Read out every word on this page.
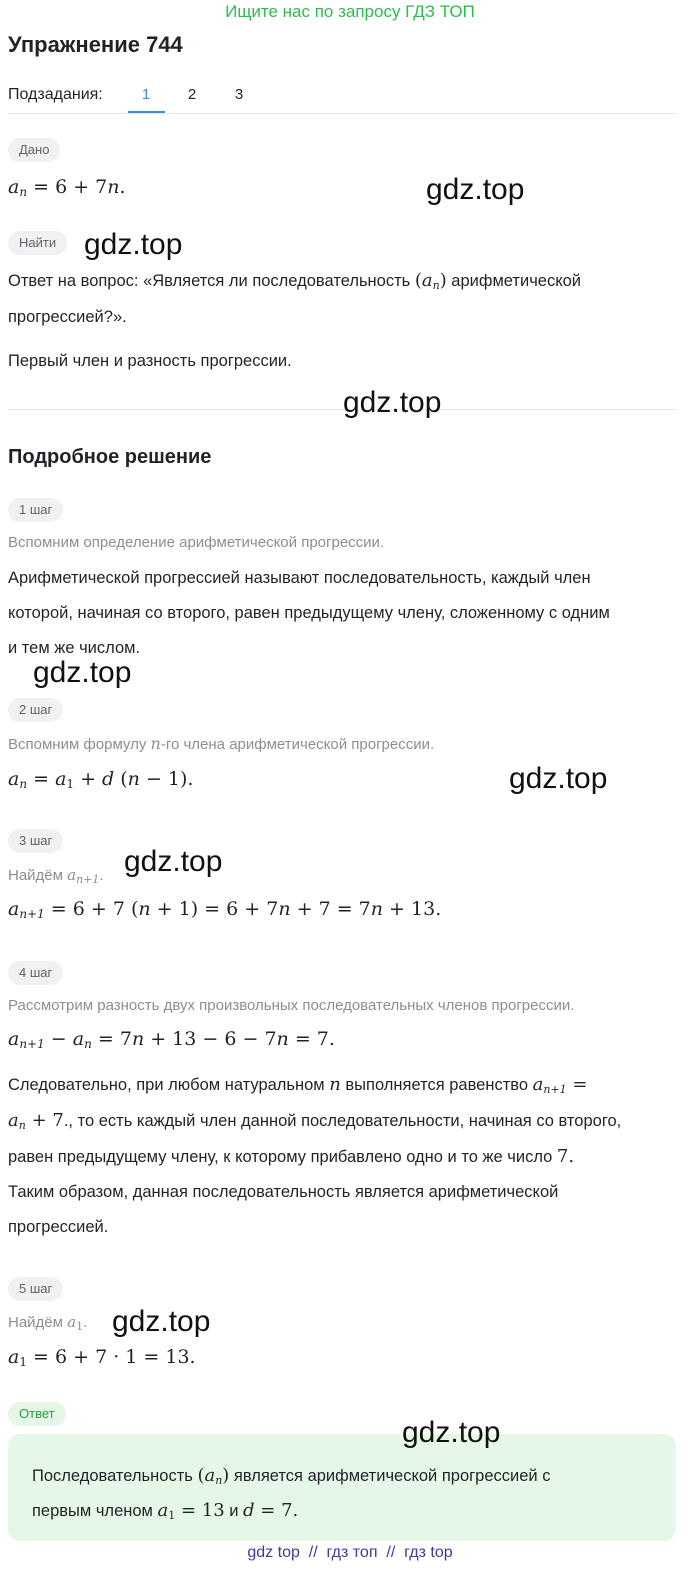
Ищите нас по запросу ГДЗ ТОП
Упражнение 744
Подзадания:	1	2	3
Дано
$a_n = 6 + 7n$.
Найти
Ответ на вопрос: «Является ли последовательность $(a_n)$ арифметической
прогрессией?».
Первый член и разность прогрессии.
Подробное решение
1 шаг
Вспомним определение арифметической прогрессии.
Арифметической прогрессией называют последовательность, каждый член
которой, начиная со второго, равен предыдущему члену, сложенному с одним
и тем же числом.
2 шаг
Вспомним формулу n-го члена арифметической прогрессии.
$a_n = a_1 + d$ (n − 1).
3 шаг
Найдём $a_{n+1}$.
$a_{n+1} = 6 + 7$ (n + 1) = 6 + 7n + 7 = 7n + 13.
4 шаг
Рассмотрим разность двух произвольных последовательных членов прогрессии.
$a_{n+1} - a_n = 7n + 13 - 6 - 7n = 7$.
Следовательно, при любом натуральном n выполняется равенство $a_{n+1}$ =
$a_n + 7$., то есть каждый член данной последовательности, начиная со второго,
равен предыдущему члену, к которому прибавлено одно и то же число 7.
Таким образом, данная последовательность является арифметической
прогрессией.
5 шаг
Найдём $a_1$.
$a_1 = 6 + 7 \cdot 1 = 13$.
Ответ
Последовательность $(a_n)$ является арифметической прогрессией с
первым членом $a_1 = 13$ и d = 7.
gdz.top
gdz.top
gdz.top
gdz.top
gdz.top
gdz.top
gdz.top
gdz.top
gdz top  //  гдз топ  //  гдз top
